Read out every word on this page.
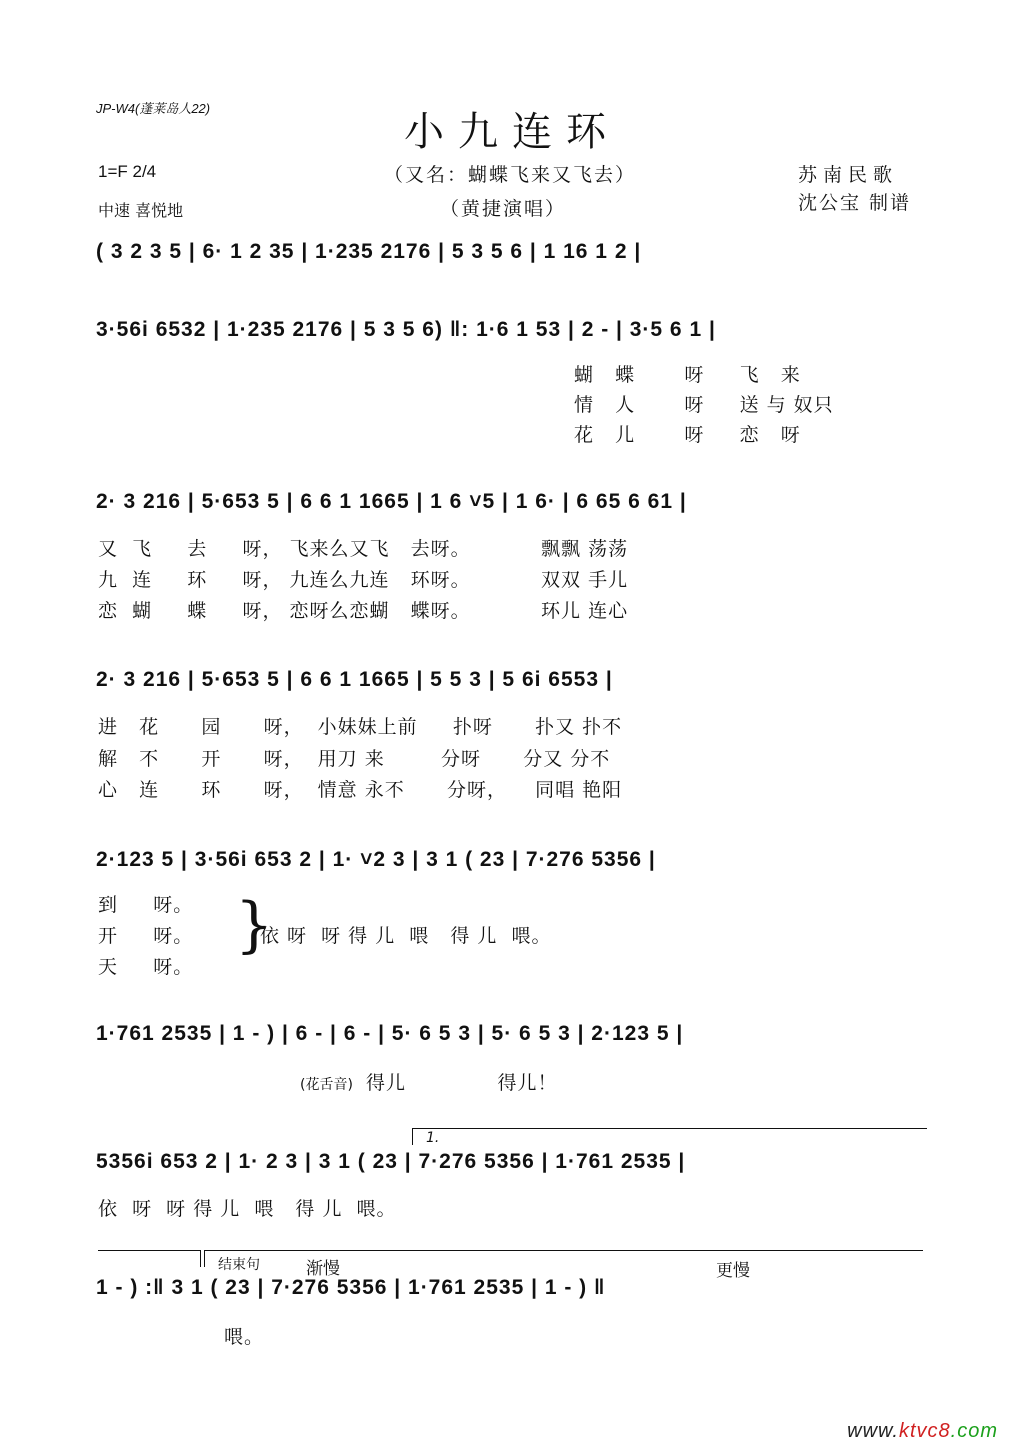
JP-W4(蓬莱岛人22)
小九连环
（又名：蝴蝶飞来又飞去）
（黄捷演唱）
1=F 2/4
中速 喜悦地
苏南民歌
沈公宝 制谱
( 3 2 3 5 | 6· 1 2 35 | 1·235 2176 | 5 3 5 6 | 1 16 1 2 |
3·56i 6532 | 1·235 2176 | 5 3 5 6) ‖: 1·6 1 53 | 2 - | 3·5 6 1 |
蝴   蝶       呀     飞   来
情   人       呀     送 与 奴只
花   儿       呀     恋   呀
2· 3 216 | 5·653 5 | 6 6 1 1665 | 1 6 ˅5 | 1 6· | 6 65 6 61 |
又  飞     去     呀， 飞来么又飞   去呀。          飘飘 荡荡
九  连     环     呀， 九连么九连   环呀。          双双 手儿
恋  蝴     蝶     呀， 恋呀么恋蝴   蝶呀。          环儿 连心
2· 3 216 | 5·653 5 | 6 6 1 1665 | 5 5 3 | 5 6i 6553 |
进   花      园      呀，  小妹妹上前     扑呀      扑又 扑不
解   不      开      呀，  用刀 来        分呀      分又 分不
心   连      环      呀，  情意 永不      分呀，    同唱 艳阳
2·123 5 | 3·56i 653 2 | 1· ˅2 3 | 3 1 ( 23 | 7·276 5356 |
到     呀。
开     呀。
天     呀。
}
依 呀  呀 得 儿  喂   得 儿  喂。
1·761 2535 | 1 - ) | 6 - | 6 - | 5· 6 5 3 | 5· 6 5 3 | 2·123 5 |
(花舌音) 得儿             得儿！
1.
5356i 653 2 | 1· 2 3 | 3 1 ( 23 | 7·276 5356 | 1·761 2535 |
依  呀  呀 得 儿  喂   得 儿  喂。
结束句	渐慢	更慢
1 - ) :‖ 3 1 ( 23 | 7·276 5356 | 1·761 2535 | 1 - ) ‖
喂。
www.ktvc8.com
